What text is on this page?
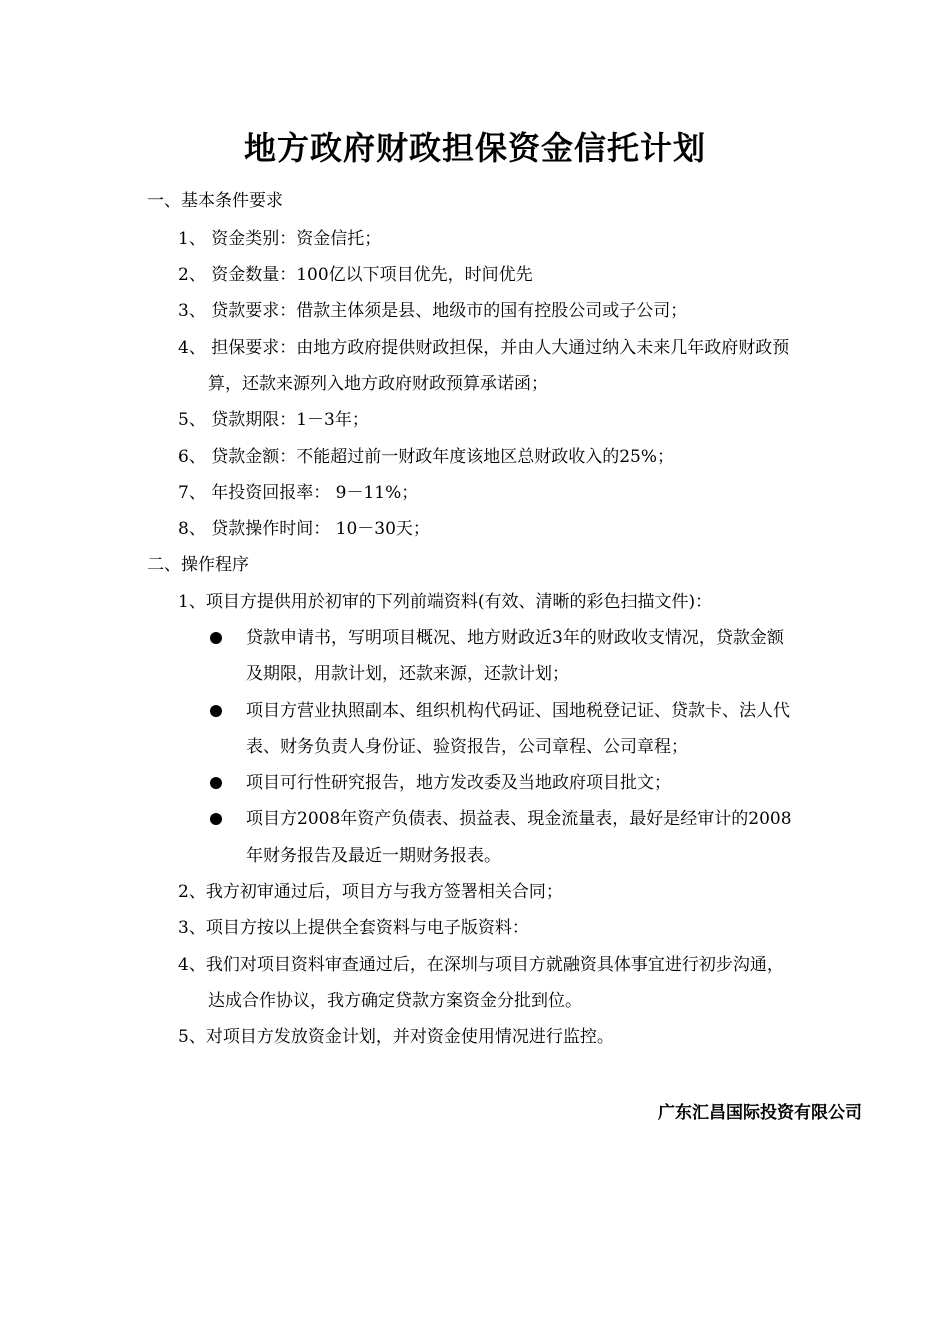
地方政府财政担保资金信托计划
一、基本条件要求
1、 资金类别：资金信托；
2、 资金数量：100亿以下项目优先，时间优先
3、 贷款要求：借款主体须是县、地级市的国有控股公司或子公司；
4、 担保要求：由地方政府提供财政担保，并由人大通过纳入未来几年政府财政预
算，还款来源列入地方政府财政预算承诺函；
5、 贷款期限：1－3年；
6、 贷款金额：不能超过前一财政年度该地区总财政收入的25%；
7、 年投资回报率： 9－11%；
8、 贷款操作时间： 10－30天；
二、操作程序
1、项目方提供用於初审的下列前端资料(有效、清晰的彩色扫描文件)：
贷款申请书，写明项目概况、地方财政近3年的财政收支情况，贷款金额
及期限，用款计划，还款来源，还款计划；
项目方营业执照副本、组织机构代码证、国地税登记证、贷款卡、法人代
表、财务负责人身份证、验资报告，公司章程、公司章程；
项目可行性研究报告，地方发改委及当地政府项目批文；
项目方2008年资产负债表、损益表、現金流量表，最好是经审计的2008
年财务报告及最近一期财务报表。
2、我方初审通过后，项目方与我方签署相关合同；
3、项目方按以上提供全套资料与电子版资料：
4、我们对项目资料审查通过后，在深圳与项目方就融资具体事宜进行初步沟通，
达成合作协议，我方确定贷款方案资金分批到位。
5、对项目方发放资金计划，并对资金使用情况进行监控。
广东汇昌国际投资有限公司
